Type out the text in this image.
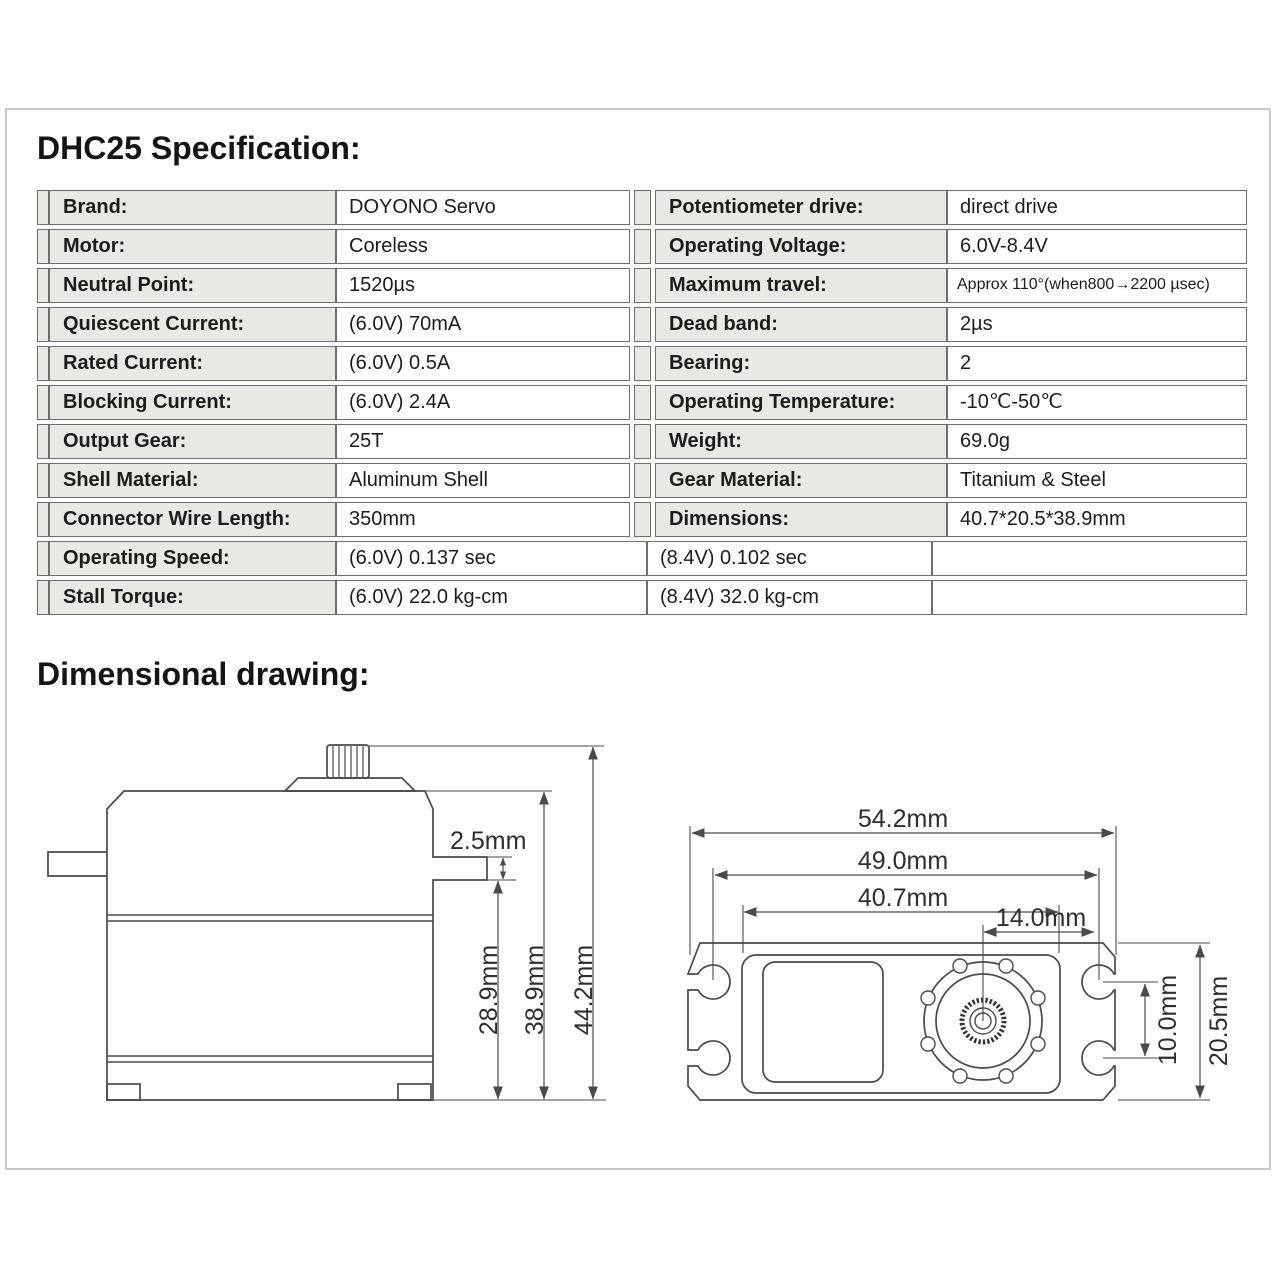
DHC25 Specification:
Brand:	DOYONO Servo	Potentiometer drive:	direct drive
Motor:	Coreless	Operating Voltage:	6.0V-8.4V
Neutral Point:	1520µs	Maximum travel:	Approx 110°(when800→2200 µsec)
Quiescent Current:	(6.0V) 70mA	Dead band:	2µs
Rated Current:	(6.0V) 0.5A	Bearing:	2
Blocking Current:	(6.0V) 2.4A	Operating Temperature:	-10℃-50℃
Output Gear:	25T	Weight:	69.0g
Shell Material:	Aluminum Shell	Gear Material:	Titanium & Steel
Connector Wire Length:	350mm	Dimensions:	40.7*20.5*38.9mm
Operating Speed:	(6.0V) 0.137 sec	(8.4V) 0.102 sec
Stall Torque:	(6.0V) 22.0 kg-cm	(8.4V) 32.0 kg-cm
Dimensional drawing:
2.5mm
28.9mm 38.9mm 44.2mm
54.2mm
49.0mm
40.7mm
14.0mm
10.0mm 20.5mm
